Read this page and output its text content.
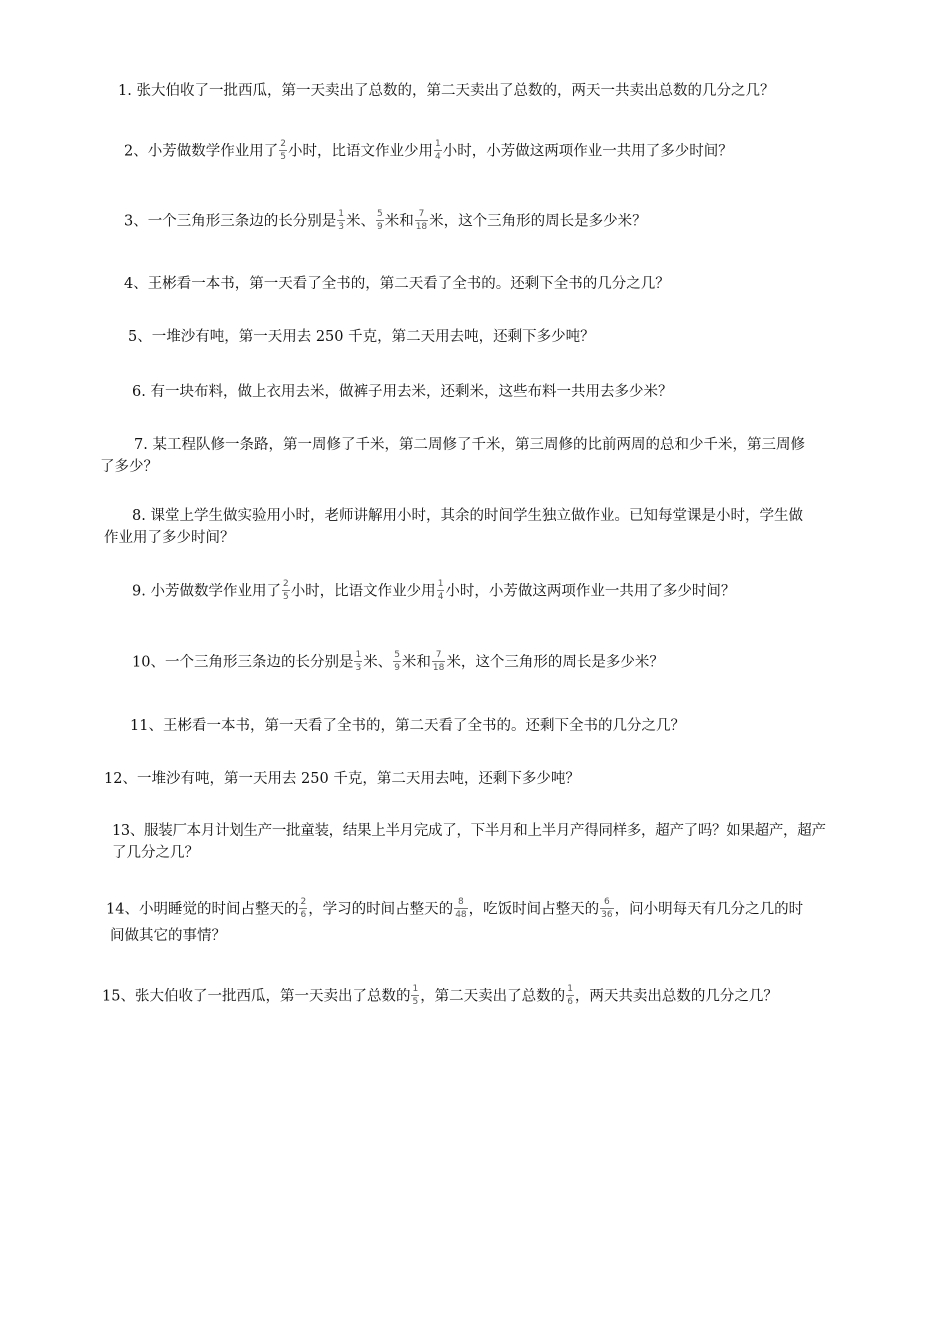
1. 张大伯收了一批西瓜，第一天卖出了总数的，第二天卖出了总数的，两天一共卖出总数的几分之几？
2、小芳做数学作业用了 $\frac{2}{5}$ 小时，比语文作业少用 $\frac{1}{4}$ 小时，小芳做这两项作业一共用了多少时间？
3、一个三角形三条边的长分别是 $\frac{1}{3}$ 米、 $\frac{5}{9}$ 米和 $\frac{7}{18}$ 米，这个三角形的周长是多少米？
4、王彬看一本书，第一天看了全书的，第二天看了全书的。还剩下全书的几分之几？
5、一堆沙有吨，第一天用去 250 千克，第二天用去吨，还剩下多少吨？
6. 有一块布料，做上衣用去米，做裤子用去米，还剩米，这些布料一共用去多少米？
7. 某工程队修一条路，第一周修了千米，第二周修了千米，第三周修的比前两周的总和少千米，第三周修
了多少？
8. 课堂上学生做实验用小时，老师讲解用小时，其余的时间学生独立做作业。已知每堂课是小时，学生做
作业用了多少时间？
9. 小芳做数学作业用了 $\frac{2}{5}$ 小时，比语文作业少用 $\frac{1}{4}$ 小时，小芳做这两项作业一共用了多少时间？
10、一个三角形三条边的长分别是 $\frac{1}{3}$ 米、 $\frac{5}{9}$ 米和 $\frac{7}{18}$ 米，这个三角形的周长是多少米？
11、王彬看一本书，第一天看了全书的，第二天看了全书的。还剩下全书的几分之几？
12、一堆沙有吨，第一天用去 250 千克，第二天用去吨，还剩下多少吨？
13、服装厂本月计划生产一批童装，结果上半月完成了，下半月和上半月产得同样多，超产了吗？如果超产，超产
了几分之几？
14、小明睡觉的时间占整天的 $\frac{2}{6}$ ，学习的时间占整天的 $\frac{8}{48}$ ，吃饭时间占整天的 $\frac{6}{36}$ ，问小明每天有几分之几的时
间做其它的事情？
15、张大伯收了一批西瓜，第一天卖出了总数的 $\frac{1}{5}$ ，第二天卖出了总数的 $\frac{1}{6}$ ，两天共卖出总数的几分之几？
